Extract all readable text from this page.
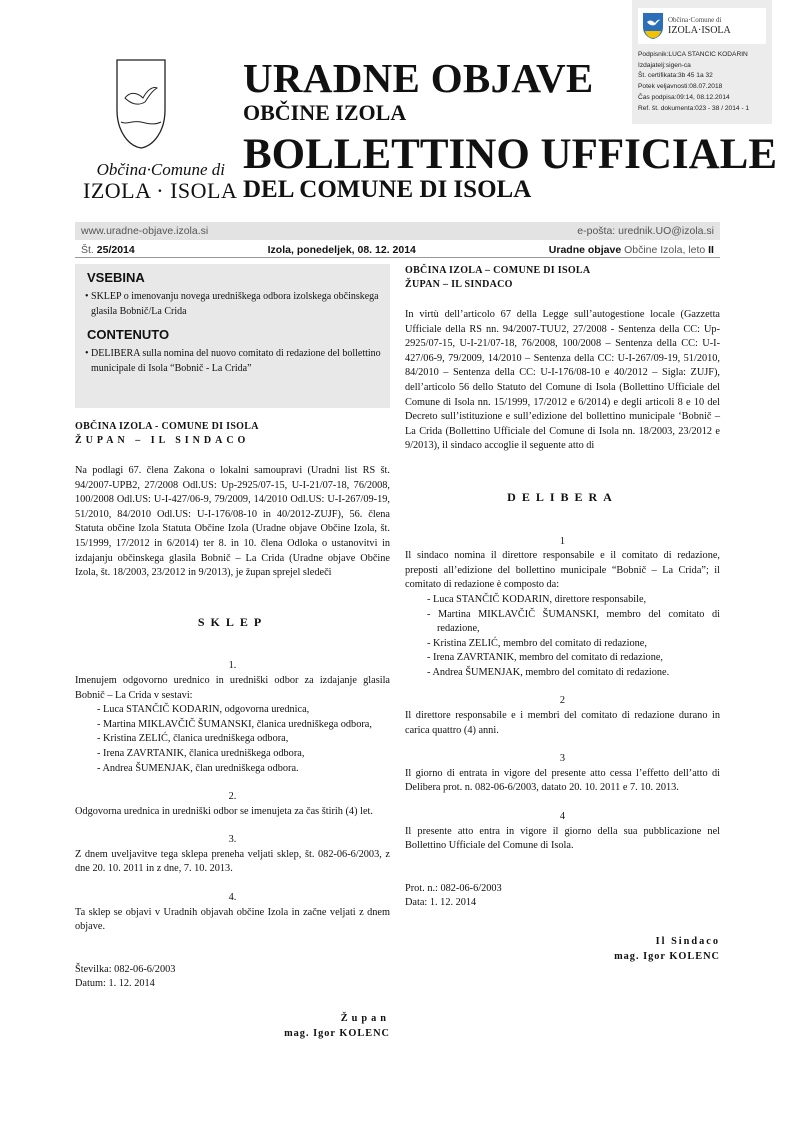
Občina·Comune di
IZOLA·ISOLA
Podpisnik:LUCA STANCIC KODARIN
Izdajatelj:sigen-ca
Št. certifikata:3b 45 1a 32
Potek veljavnosti:08.07.2018
Čas podpisa:09:14, 08.12.2014
Ref. št. dokumenta:023 - 38 / 2014 - 1
Občina·Comune di
IZOLA · ISOLA
URADNE OBJAVE
OBČINE IZOLA
BOLLETTINO UFFICIALE
DEL COMUNE DI ISOLA
www.uradne-objave.izola.si	e-pošta: urednik.UO@izola.si
Št. 25/2014	Izola, ponedeljek, 08. 12. 2014	Uradne objave Občine Izola, leto II
VSEBINA

• SKLEP o imenovanju novega uredniškega odbora izolskega občinskega glasila Bobnič/La Crida

CONTENUTO

• DELIBERA sulla nomina del nuovo comitato di redazione del bollettino municipale di Isola “Bobnič - La Crida”

OBČINA IZOLA - COMUNE DI ISOLA
ŽUPAN – IL SINDACO

Na podlagi 67. člena Zakona o lokalni samoupravi (Uradni list RS št. 94/2007-UPB2, 27/2008 Odl.US: Up-2925/07-15, U-I-21/07-18, 76/2008, 100/2008 Odl.US: U-I-427/06-9, 79/2009, 14/2010 Odl.US: U-I-267/09-19, 51/2010, 84/2010 Odl.US: U-I-176/08-10 in 40/2012-ZUJF), 56. člena Statuta občine Izola Statuta Občine Izola (Uradne objave Občine Izola, št. 15/1999, 17/2012 in 6/2014) ter 8. in 10. člena Odloka o ustanovitvi in izdajanju občinskega glasila Bobnič – La Crida (Uradne objave Občine Izola, št. 18/2003, 23/2012 in 9/2013), je župan sprejel sledeči

SKLEP
1.

Imenujem odgovorno urednico in uredniški odbor za izdajanje glasila Bobnič – La Crida v sestavi:

- Luca STANČIČ KODARIN, odgovorna urednica,
- Martina MIKLAVČIČ ŠUMANSKI, članica uredniškega odbora,
- Kristina ZELIĆ, članica uredniškega odbora,
- Irena ZAVRTANIK, članica uredniškega odbora,
- Andrea ŠUMENJAK, član uredniškega odbora.
2.

Odgovorna urednica in uredniški odbor se imenujeta za čas štirih (4) let.

3.

Z dnem uveljavitve tega sklepa preneha veljati sklep, št. 082-06-6/2003, z dne 20. 10. 2011 in z dne, 7. 10. 2013.

4.

Ta sklep se objavi v Uradnih objavah občine Izola in začne veljati z dnem objave.

Številka: 082-06-6/2003
Datum: 1. 12. 2014
Župan
mag. Igor KOLENC
OBČINA IZOLA – COMUNE DI ISOLA
ŽUPAN – IL SINDACO

In virtù dell’articolo 67 della Legge sull’autogestione locale (Gazzetta Ufficiale della RS nn. 94/2007-TUU2, 27/2008 - Sentenza della CC: Up-2925/07-15, U-I-21/07-18, 76/2008, 100/2008 – Sentenza della CC: U-I-427/06-9, 79/2009, 14/2010 – Sentenza della CC: U-I-267/09-19, 51/2010, 84/2010 – Sentenza della CC: U-I-176/08-10 e 40/2012 – Sigla: ZUJF), dell’articolo 56 dello Statuto del Comune di Isola (Bollettino Ufficiale del Comune di Isola nn. 15/1999, 17/2012 e 6/2014) e degli articoli 8 e 10 del Decreto sull’istituzione e sull’edizione del bollettino municipale ‘Bobnič – La Crida (Bollettino Ufficiale del Comune di Isola nn. 18/2003, 23/2012 e 9/2013), il sindaco accoglie il seguente atto di

DELIBERA
1

Il sindaco nomina il direttore responsabile e il comitato di redazione, preposti all’edizione del bollettino municipale “Bobnič – La Crida”; il comitato di redazione è composto da:

- Luca STANČIČ KODARIN, direttore responsabile,
- Martina MIKLAVČIČ ŠUMANSKI, membro del comitato di redazione,
- Kristina ZELIĆ, membro del comitato di redazione,
- Irena ZAVRTANIK, membro del comitato di redazione,
- Andrea ŠUMENJAK, membro del comitato di redazione.
2

Il direttore responsabile e i membri del comitato di redazione durano in carica quattro (4) anni.

3

Il giorno di entrata in vigore del presente atto cessa l’effetto dell’atto di Delibera prot. n. 082-06-6/2003, datato 20. 10. 2011 e 7. 10. 2013.

4

Il presente atto entra in vigore il giorno della sua pubblicazione nel Bollettino Ufficiale del Comune di Isola.

Prot. n.: 082-06-6/2003
Data: 1. 12. 2014
Il Sindaco
mag. Igor KOLENC
